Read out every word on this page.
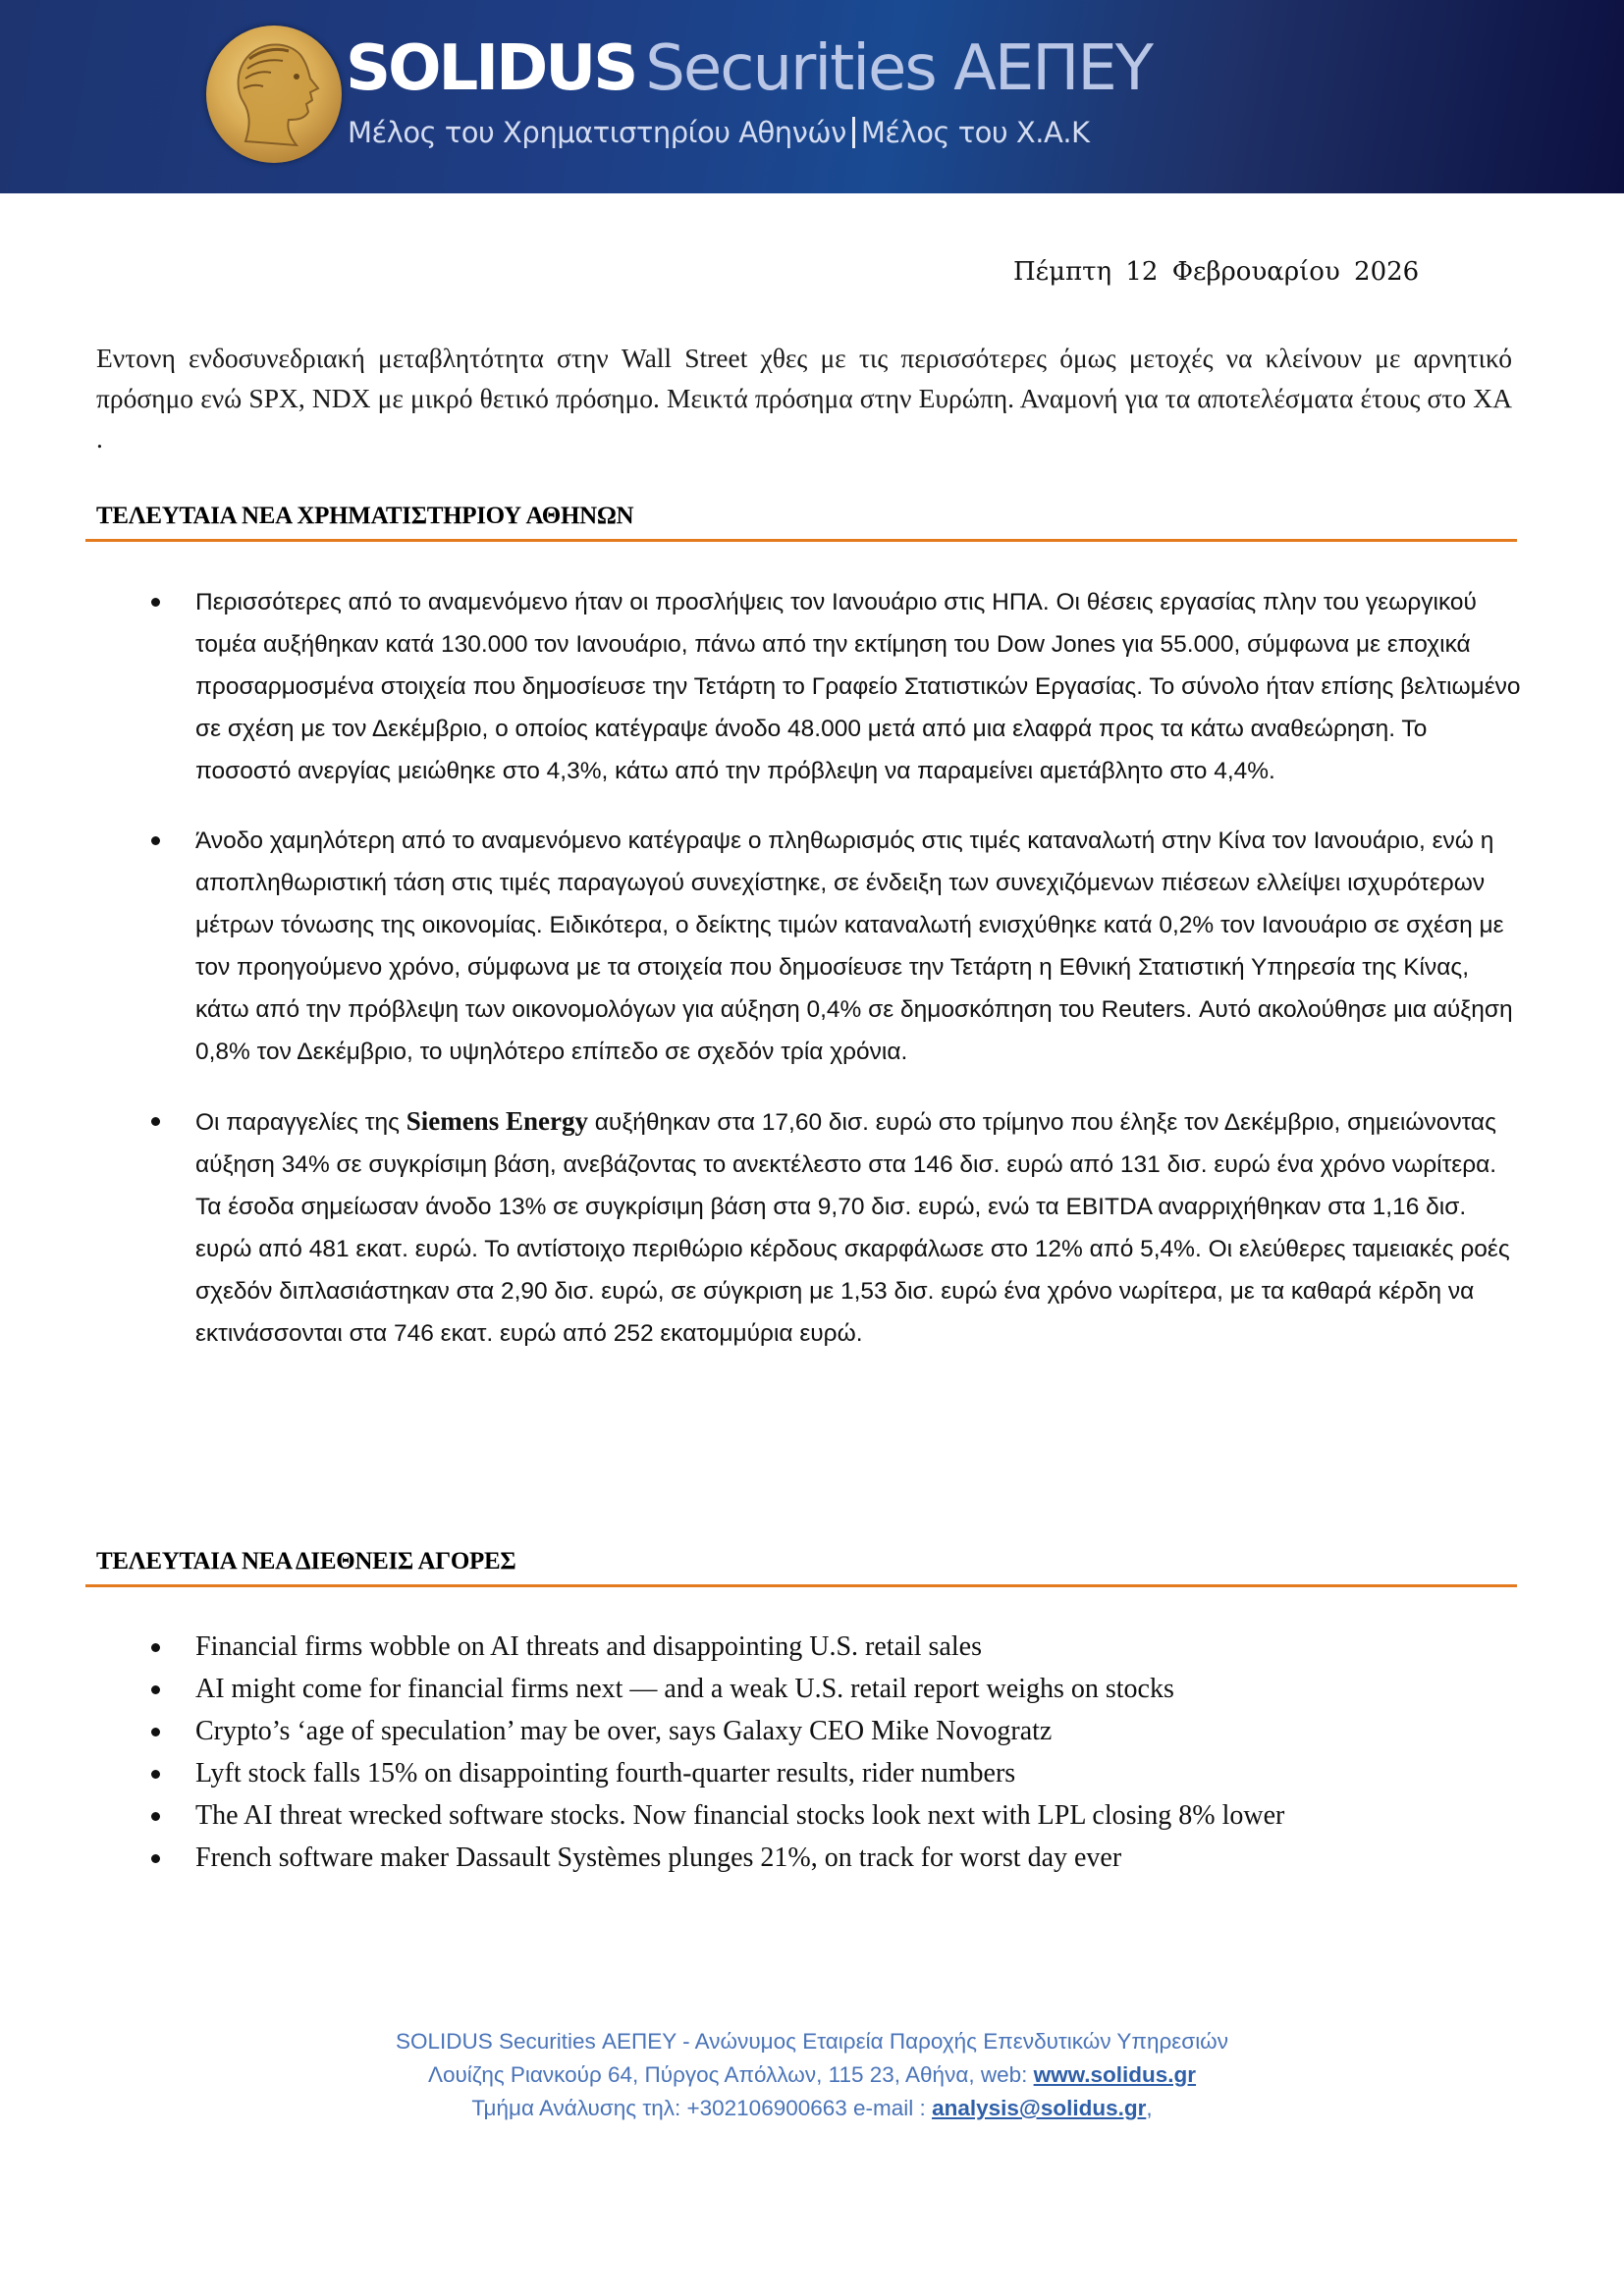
SOLIDUS Securities ΑΕΠΕΥ
Μέλος του Χρηματιστηρίου Αθηνών Μέλος του Χ.Α.Κ
Πέμπτη 12 Φεβρουαρίου 2026

Εντονη ενδοσυνεδριακή μεταβλητότητα στην Wall Street χθες με τις περισσότερες όμως μετοχές να κλείνουν με αρνητικό πρόσημο ενώ SPX, NDX με μικρό θετικό πρόσημο. Μεικτά πρόσημα στην Ευρώπη. Αναμονή για τα αποτελέσματα έτους στο ΧΑ .

ΤΕΛΕΥΤΑΙΑ ΝΕΑ ΧΡΗΜΑΤΙΣΤΗΡΙΟΥ ΑΘΗΝΩΝ
Περισσότερες από το αναμενόμενο ήταν οι προσλήψεις τον Ιανουάριο στις ΗΠΑ. Οι θέσεις εργασίας πλην του γεωργικού τομέα αυξήθηκαν κατά 130.000 τον Ιανουάριο, πάνω από την εκτίμηση του Dow Jones για 55.000, σύμφωνα με εποχικά προσαρμοσμένα στοιχεία που δημοσίευσε την Τετάρτη το Γραφείο Στατιστικών Εργασίας. Το σύνολο ήταν επίσης βελτιωμένο σε σχέση με τον Δεκέμβριο, ο οποίος κατέγραψε άνοδο 48.000 μετά από μια ελαφρά προς τα κάτω αναθεώρηση. Το ποσοστό ανεργίας μειώθηκε στο 4,3%, κάτω από την πρόβλεψη να παραμείνει αμετάβλητο στο 4,4%.
Άνοδο χαμηλότερη από το αναμενόμενο κατέγραψε ο πληθωρισμός στις τιμές καταναλωτή στην Κίνα τον Ιανουάριο, ενώ η αποπληθωριστική τάση στις τιμές παραγωγού συνεχίστηκε, σε ένδειξη των συνεχιζόμενων πιέσεων ελλείψει ισχυρότερων μέτρων τόνωσης της οικονομίας. Ειδικότερα, ο δείκτης τιμών καταναλωτή ενισχύθηκε κατά 0,2% τον Ιανουάριο σε σχέση με τον προηγούμενο χρόνο, σύμφωνα με τα στοιχεία που δημοσίευσε την Τετάρτη η Εθνική Στατιστική Υπηρεσία της Κίνας, κάτω από την πρόβλεψη των οικονομολόγων για αύξηση 0,4% σε δημοσκόπηση του Reuters. Αυτό ακολούθησε μια αύξηση 0,8% τον Δεκέμβριο, το υψηλότερο επίπεδο σε σχεδόν τρία χρόνια.
Οι παραγγελίες της Siemens Energy αυξήθηκαν στα 17,60 δισ. ευρώ στο τρίμηνο που έληξε τον Δεκέμβριο, σημειώνοντας αύξηση 34% σε συγκρίσιμη βάση, ανεβάζοντας το ανεκτέλεστο στα 146 δισ. ευρώ από 131 δισ. ευρώ ένα χρόνο νωρίτερα. Τα έσοδα σημείωσαν άνοδο 13% σε συγκρίσιμη βάση στα 9,70 δισ. ευρώ, ενώ τα EBITDA αναρριχήθηκαν στα 1,16 δισ. ευρώ από 481 εκατ. ευρώ. Το αντίστοιχο περιθώριο κέρδους σκαρφάλωσε στο 12% από 5,4%. Οι ελεύθερες ταμειακές ροές σχεδόν διπλασιάστηκαν στα 2,90 δισ. ευρώ, σε σύγκριση με 1,53 δισ. ευρώ ένα χρόνο νωρίτερα, με τα καθαρά κέρδη να εκτινάσσονται στα 746 εκατ. ευρώ από 252 εκατομμύρια ευρώ.
ΤΕΛΕΥΤΑΙΑ ΝΕΑ ΔΙΕΘΝΕΙΣ ΑΓΟΡΕΣ
Financial firms wobble on AI threats and disappointing U.S. retail sales
AI might come for financial firms next — and a weak U.S. retail report weighs on stocks
Crypto’s ‘age of speculation’ may be over, says Galaxy CEO Mike Novogratz
Lyft stock falls 15% on disappointing fourth-quarter results, rider numbers
The AI threat wrecked software stocks. Now financial stocks look next with LPL closing 8% lower
French software maker Dassault Systèmes plunges 21%, on track for worst day ever
SOLIDUS Securities ΑΕΠΕΥ - Ανώνυμος Εταιρεία Παροχής Επενδυτικών Υπηρεσιών
Λουίζης Ριανκούρ 64, Πύργος Απόλλων, 115 23, Αθήνα, web: www.solidus.gr
Τμήμα Ανάλυσης τηλ: +302106900663 e-mail : analysis@solidus.gr,
